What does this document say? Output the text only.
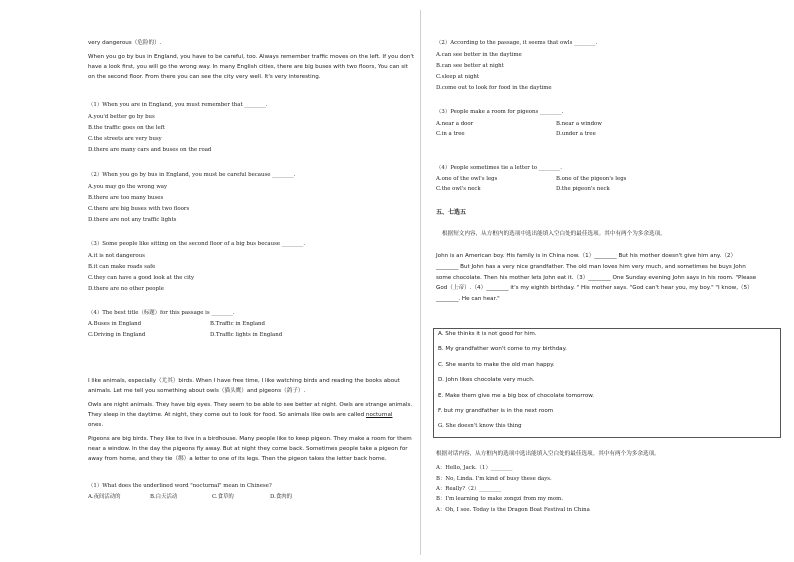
very dangerous（危险的）.
When you go by bus in England, you have to be careful, too. Always remember traffic moves on the left. If you don't
have a look first, you will go the wrong way. In many English cities, there are big buses with two floors, You can sit
on the second floor. From there you can see the city very well. It's very interesting.
（1）When you are in England, you must remember that ________.
A.you'd better go by bus
B.the traffic goes on the left
C.the streets are very busy
D.there are many cars and buses on the road
（2）When you go by bus in England, you must be careful because ________.
A.you may go the wrong way
B.there are too many buses
C.there are big buses with two floors
D.there are not any traffic lights
（3）Some people like sitting on the second floor of a big bus because ________.
A.it is not dangerous
B.it can make roads safe
C.they can have a good look at the city
D.there are no other people
（4）The best title（标题）for this passage is ________.
A.Buses in England	B.Traffic in England
C.Driving in England	D.Traffic lights in England
I like animals, especially（尤其）birds. When I have free time, I like watching birds and reading the books about
animals. Let me tell you something about owls（猫头鹰）and pigeons（鸽子）.
Owls are night animals. They have big eyes. They seem to be able to see better at night. Owls are strange animals.
They sleep in the daytime. At night, they come out to look for food. So animals like owls are called nocturnal
ones.
Pigeons are big birds. They like to live in a birdhouse. Many people like to keep pigeon. They make a room for them
near a window. In the day the pigeons fly away. But at night they come back. Sometimes people take a pigeon for
away from home, and they tie（绑）a letter to one of its legs. Then the pigeon takes the letter back home.
（1）What does the underlined word "nocturnal" mean in Chinese?
A.夜间活动的	B.白天活动	C.食草的	D.食肉的
（2）According to the passage, it seems that owls ________.
A.can see better in the daytime
B.can see better at night
C.sleep at night
D.come out to look for food in the daytime
（3）People make a room for pigeons ________.
A.near a door	B.near a window
C.in a tree	D.under a tree
（4）People sometimes tie a letter to ________.
A.one of the owl's legs	B.one of the pigeon's legs
C.the owl's neck	D.the pigeon's neck
五、七选五
根据短文内容，从方框内的选项中选出能填入空白处的最佳选项。其中有两个为多余选项。
John is an American boy. His family is in China now.（1）________ But his mother doesn't give him any.（2）
________ But John has a very nice grandfather. The old man loves him very much, and sometimes he buys John
some chocolate. Then his mother lets John eat it.（3）________ One Sunday evening John says in his room. "Please
God（上帝）.（4）________ it's my eighth birthday. " His mother says. "God can't hear you, my boy." "I know,（5）
________. He can hear."
A. She thinks it is not good for him.
B. My grandfather won't come to my birthday.
C. She wants to make the old man happy.
D. John likes chocolate very much.
E. Make them give me a big box of chocolate tomorrow.
F. but my grandfather is in the next room
G. She doesn't know this thing
根据对话内容，从方框内的选项中选出能填入空白处的最佳选项。其中有两个为多余选项。
A：Hello, Jack.（1）________
B：No, Linda. I'm kind of busy these days.
A：Really?（2）________
B：I'm learning to make zongzi from my mom.
A：Oh, I see. Today is the Dragon Boat Festival in China
